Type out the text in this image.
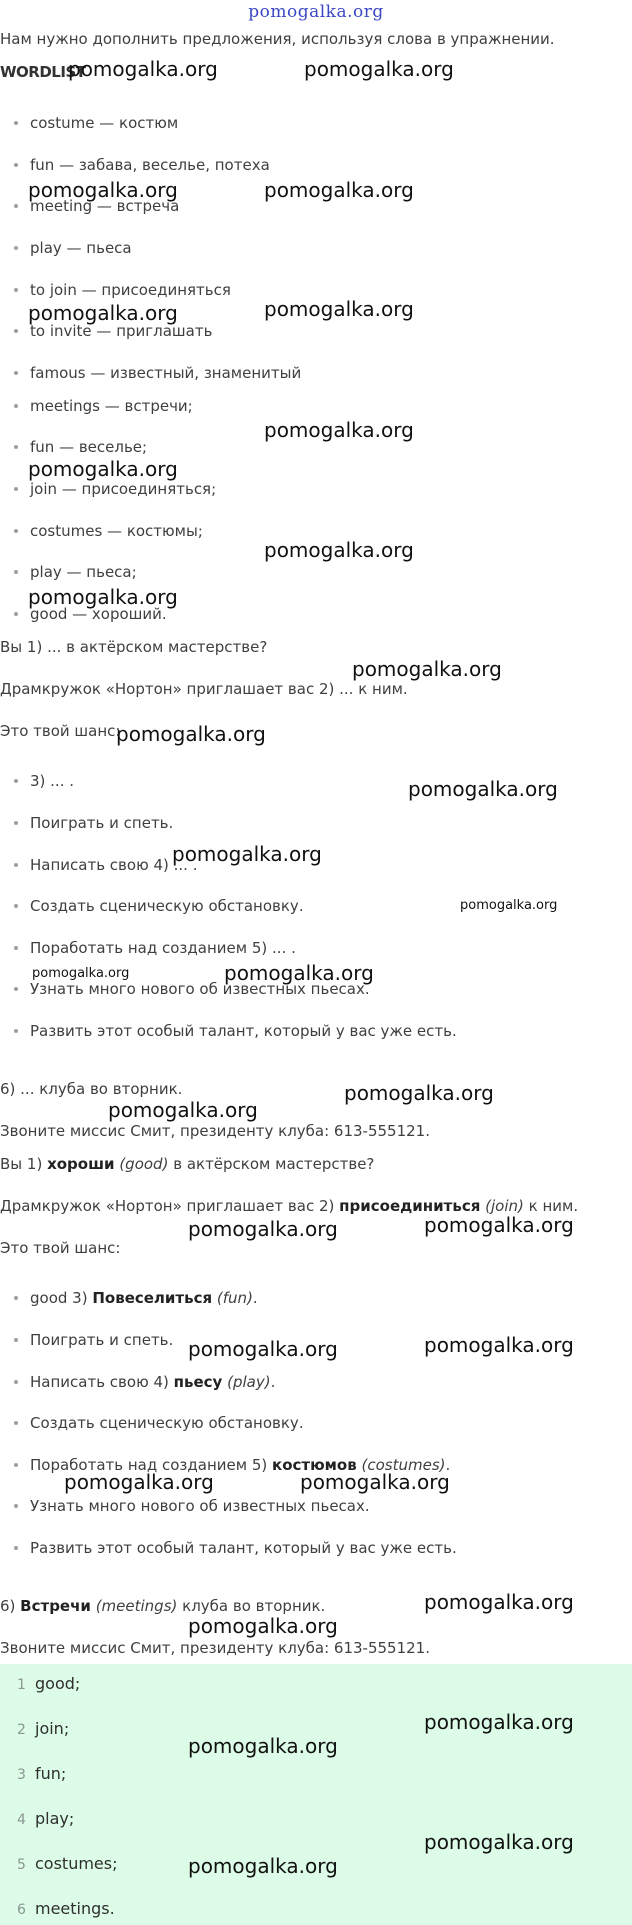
pomogalka.org
Нам нужно дополнить предложения, используя слова в упражнении.
WORDLIST
costume — костюм
fun — забава, веселье, потеха
meeting — встреча
play — пьеса
to join — присоединяться
to invite — приглашать
famous — известный, знаменитый
meetings — встречи;
fun — веселье;
join — присоединяться;
costumes — костюмы;
play — пьеса;
good — хороший.
Вы 1) ... в актёрском мастерстве?
Драмкружок «Нортон» приглашает вас 2) ... к ним.
Это твой шанс:
3) ... .
Поиграть и спеть.
Написать свою 4) ... .
Создать сценическую обстановку.
Поработать над созданием 5) ... .
Узнать много нового об известных пьесах.
Развить этот особый талант, который у вас уже есть.
6) ... клуба во вторник.
Звоните миссис Смит, президенту клуба: 613-555121.
Вы 1) хороши (good) в актёрском мастерстве?
Драмкружок «Нортон» приглашает вас 2) присоединиться (join) к ним.
Это твой шанс:
good 3) Повеселиться (fun).
Поиграть и спеть.
Написать свою 4) пьесу (play).
Создать сценическую обстановку.
Поработать над созданием 5) костюмов (costumes).
Узнать много нового об известных пьесах.
Развить этот особый талант, который у вас уже есть.
6) Встречи (meetings) клуба во вторник.
Звоните миссис Смит, президенту клуба: 613-555121.
1 good;
2 join;
3 fun;
4 play;
5 costumes;
6 meetings.
pomogalka.org	pomogalka.org
pomogalka.org	pomogalka.org
pomogalka.org	pomogalka.org
pomogalka.org
pomogalka.org
pomogalka.org
pomogalka.org
pomogalka.org
pomogalka.org
pomogalka.org
pomogalka.org
pomogalka.org
pomogalka.org	pomogalka.org
pomogalka.org
pomogalka.org
pomogalka.org
pomogalka.org
pomogalka.org
pomogalka.org
pomogalka.org	pomogalka.org
pomogalka.org
pomogalka.org
pomogalka.org
pomogalka.org
pomogalka.org
pomogalka.org
